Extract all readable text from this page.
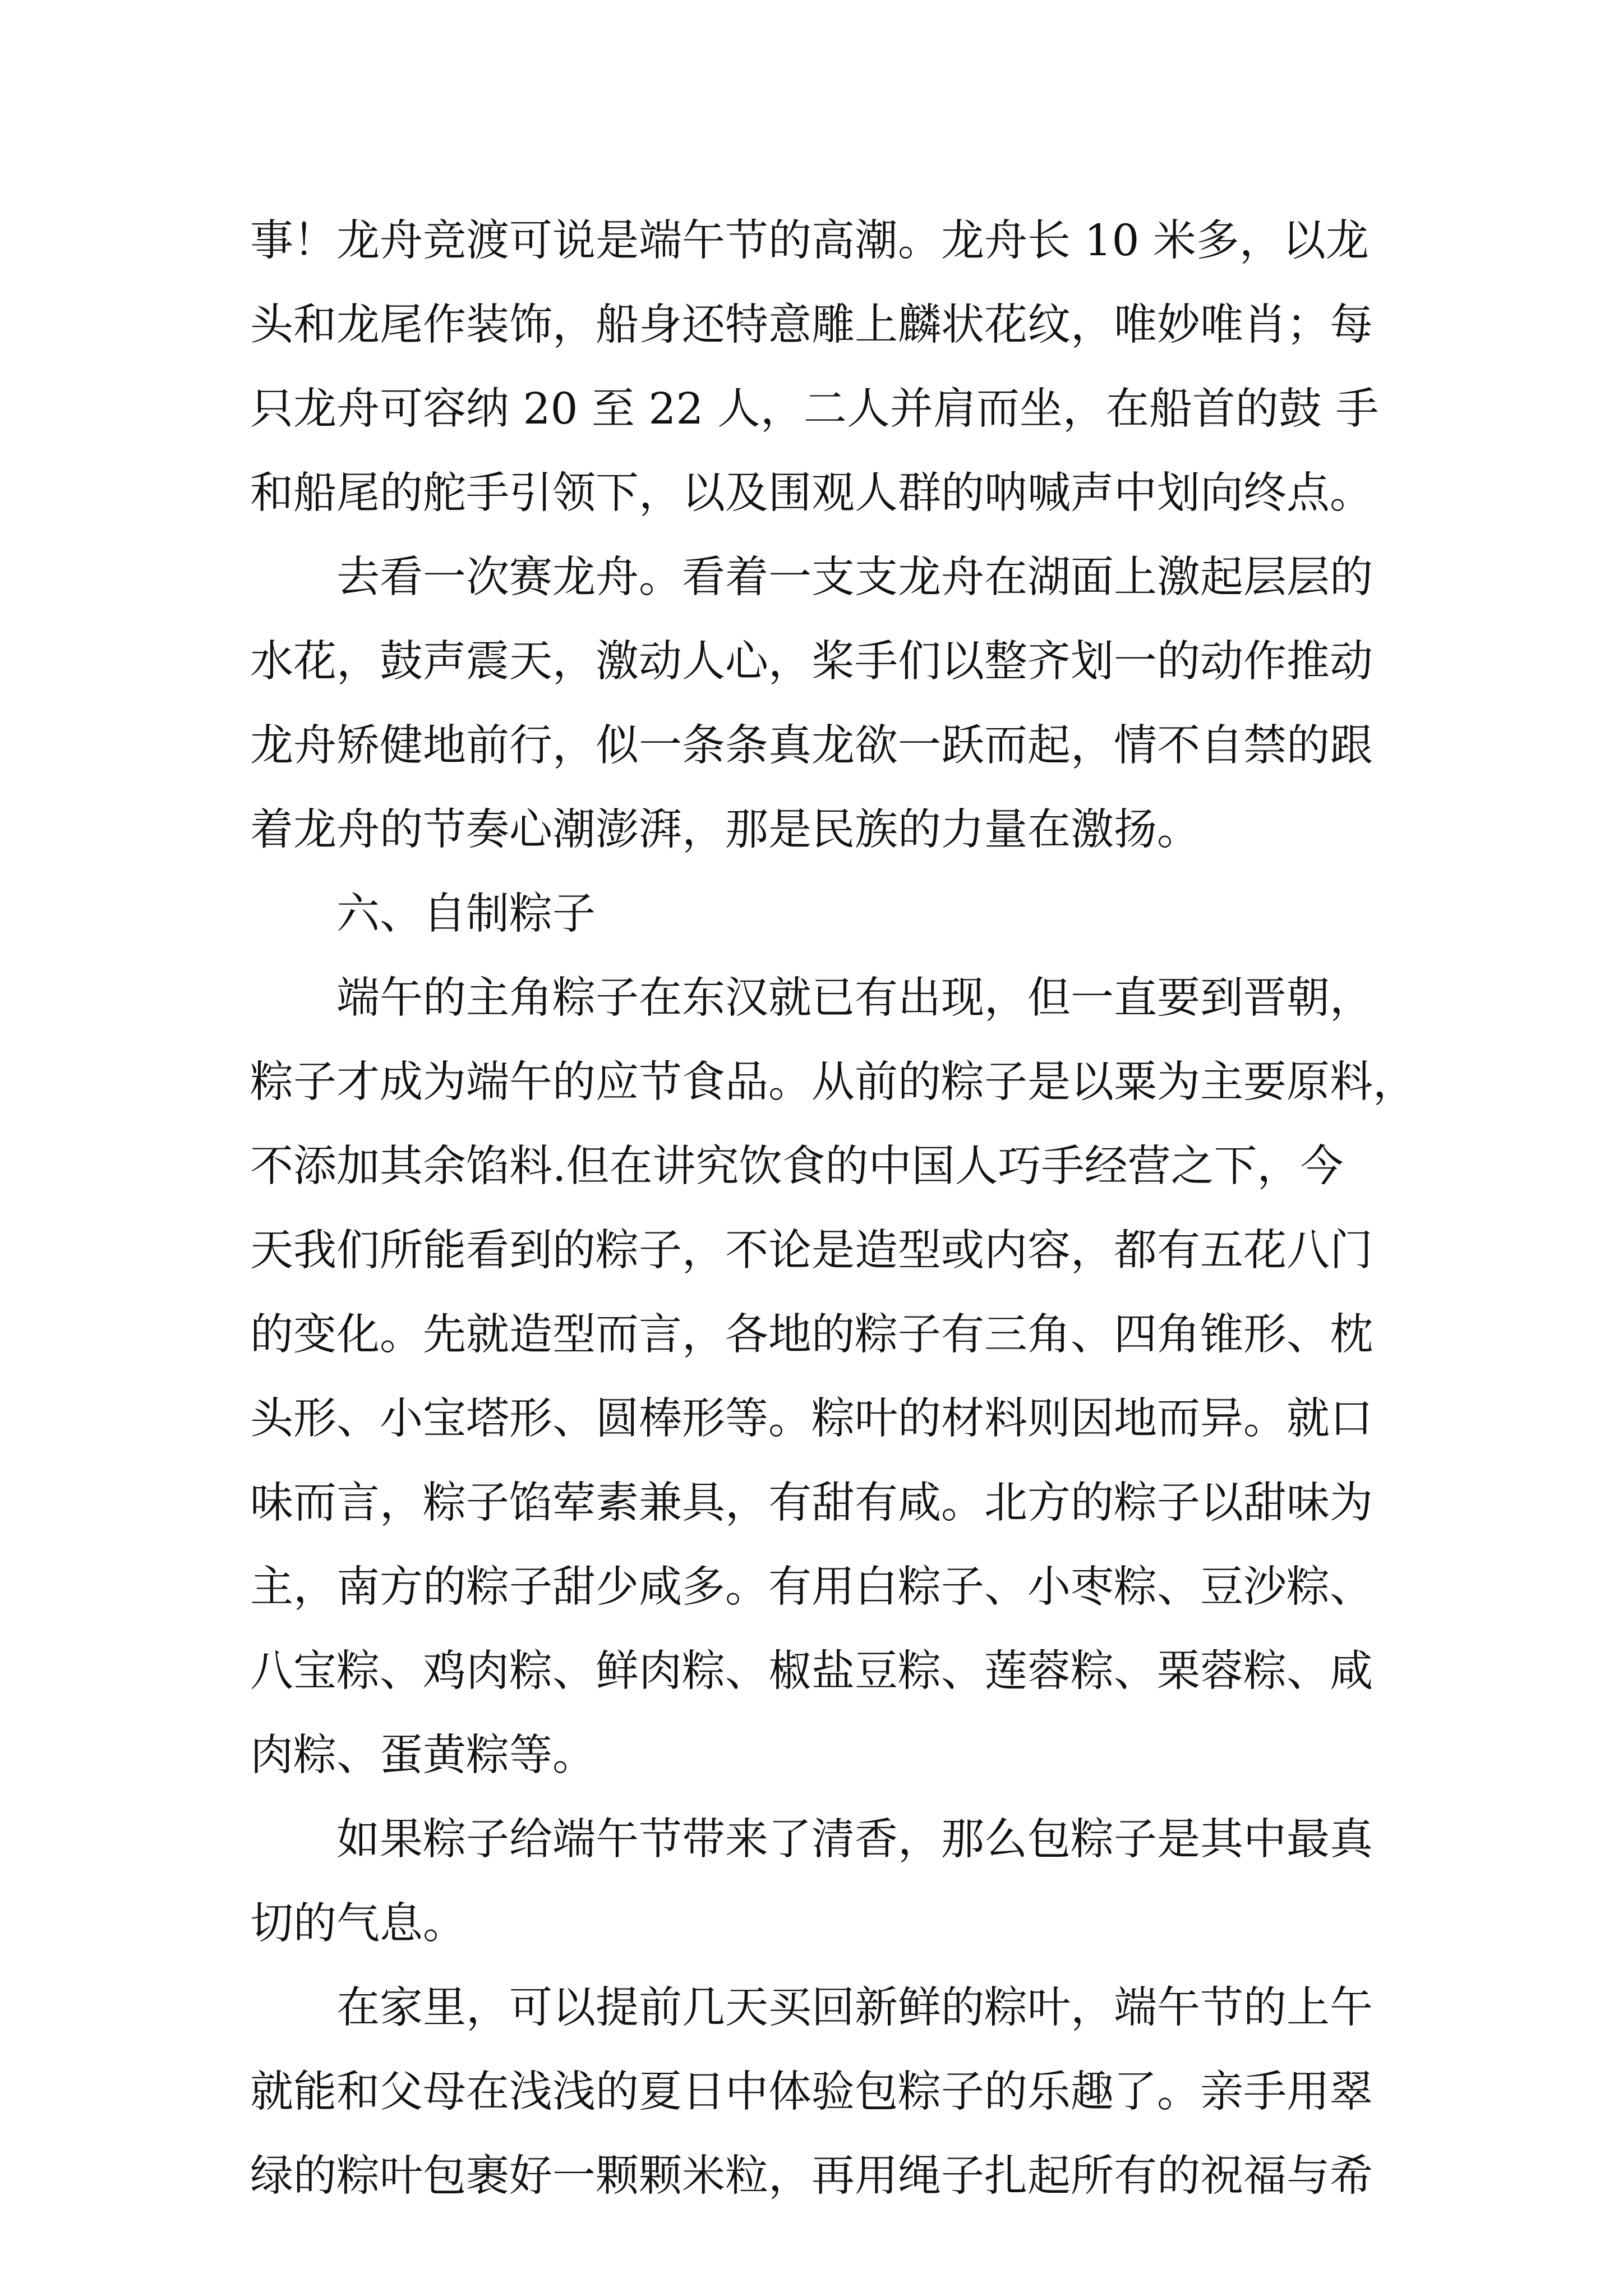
事！龙舟竞渡可说是端午节的高潮。龙舟长 10 米多，以龙
头和龙尾作装饰，船身还特意雕上麟状花纹，唯妙唯肖；每
只龙舟可容纳 20 至 22 人，二人并肩而坐，在船首的鼓 手
和船尾的舵手引领下，以及围观人群的呐喊声中划向终点。
去看一次赛龙舟。看着一支支龙舟在湖面上激起层层的
水花，鼓声震天，激动人心，桨手们以整齐划一的动作推动
龙舟矫健地前行，似一条条真龙欲一跃而起，情不自禁的跟
着龙舟的节奏心潮澎湃，那是民族的力量在激扬。
六、自制粽子
端午的主角粽子在东汉就已有出现，但一直要到晋朝，
粽子才成为端午的应节食品。从前的粽子是以粟为主要原料，
不添加其余馅料.但在讲究饮食的中国人巧手经营之下，今
天我们所能看到的粽子，不论是造型或内容，都有五花八门
的变化。先就造型而言，各地的粽子有三角、四角锥形、枕
头形、小宝塔形、圆棒形等。粽叶的材料则因地而异。就口
味而言，粽子馅荤素兼具，有甜有咸。北方的粽子以甜味为
主，南方的粽子甜少咸多。有用白粽子、小枣粽、豆沙粽、
八宝粽、鸡肉粽、鲜肉粽、椒盐豆粽、莲蓉粽、栗蓉粽、咸
肉粽、蛋黄粽等。
如果粽子给端午节带来了清香，那么包粽子是其中最真
切的气息。
在家里，可以提前几天买回新鲜的粽叶，端午节的上午
就能和父母在浅浅的夏日中体验包粽子的乐趣了。亲手用翠
绿的粽叶包裹好一颗颗米粒，再用绳子扎起所有的祝福与希
